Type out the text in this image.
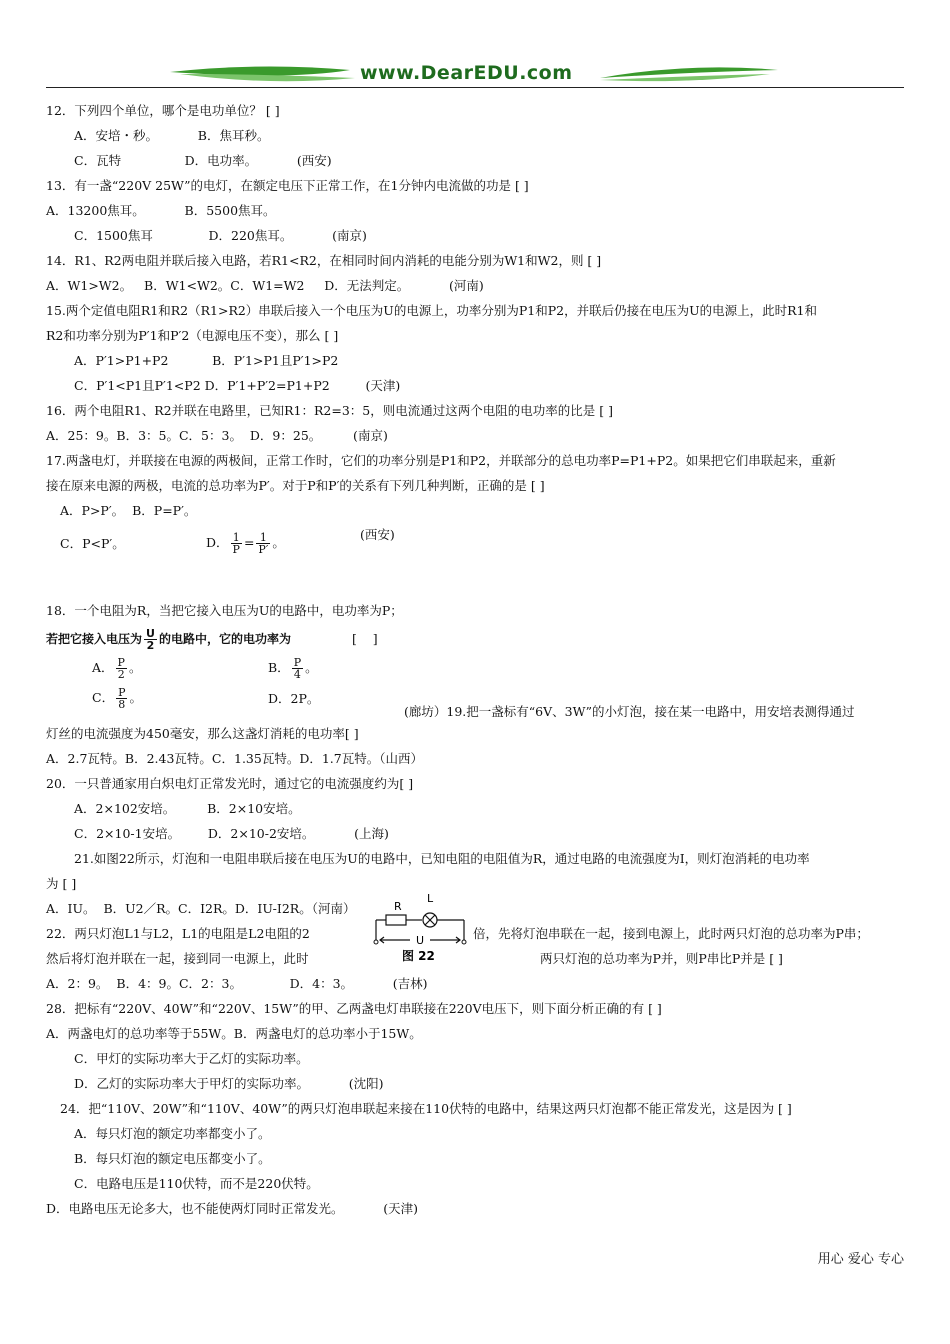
www.DearEDU.com
12．下列四个单位，哪个是电功单位？ [ ]
A．安培・秒。          B．焦耳秒。
C．瓦特                D．电功率。          (西安)
13．有一盏“220V 25W”的电灯，在额定电压下正常工作，在1分钟内电流做的功是 [ ]
A．13200焦耳。          B．5500焦耳。
C．1500焦耳              D．220焦耳。          (南京)
14．R1、R2两电阻并联后接入电路，若R1<R2，在相同时间内消耗的电能分别为W1和W2，则 [ ]
A．W1>W2。   B．W1<W2。C．W1=W2     D．无法判定。          (河南)
15.两个定值电阻R1和R2（R1>R2）串联后接入一个电压为U的电源上，功率分别为P1和P2，并联后仍接在电压为U的电源上，此时R1和
R2和功率分别为P′1和P′2（电源电压不变），那么 [ ]
A．P′1>P1+P2           B．P′1>P1且P′1>P2
C．P′1<P1且P′1<P2 D．P′1+P′2=P1+P2         (天津)
16．两个电阻R1、R2并联在电路里，已知R1：R2=3：5，则电流通过这两个电阻的电功率的比是 [ ]
A．25：9。B．3：5。C．5：3。  D．9：25。        (南京)
17.两盏电灯，并联接在电源的两极间，正常工作时，它们的功率分别是P1和P2，并联部分的总电功率P=P1+P2。如果把它们串联起来，重新
接在原来电源的两极，电流的总功率为P′。对于P和P′的关系有下列几种判断，正确的是 [ ]
A．P>P′。  B．P=P′。
C．P<P′。	D． $\frac{1}{P} = \frac{1}{P'}$ 。
(西安)
18．一个电阻为R，当把它接入电压为U的电路中，电功率为P；
若把它接入电压为 $\frac{U}{2}$ 的电路中，它的电功率为	[    ]
A． $\frac{P}{2}$ 。	B． $\frac{P}{4}$ 。
C． $\frac{P}{8}$ 。	D．2P。
(廊坊）19.把一盏标有“6V、3W”的小灯泡，接在某一电路中，用安培表测得通过
灯丝的电流强度为450毫安，那么这盏灯消耗的电功率[ ]
A．2.7瓦特。B．2.43瓦特。C．1.35瓦特。D．1.7瓦特。（山西）
20．一只普通家用白炽电灯正常发光时，通过它的电流强度约为[ ]
A．2×102安培。        B．2×10安培。
C．2×10-1安培。       D．2×10-2安培。          (上海)
21.如图22所示，灯泡和一电阻串联后接在电压为U的电路中，已知电阻的电阻值为R，通过电路的电流强度为I，则灯泡消耗的电功率
为 [ ]
A．IU。  B．U2／R。C．I2R。D．IU-I2R。（河南）	R
L
U
图 22
22．两只灯泡L1与L2，L1的电阻是L2电阻的2	倍，先将灯泡串联在一起，接到电源上，此时两只灯泡的总功率为P串；
然后将灯泡并联在一起，接到同一电源上，此时	两只灯泡的总功率为P并，则P串比P并是 [ ]
A．2：9。  B．4：9。C．2：3。            D．4：3。          (吉林)
28．把标有“220V、40W”和“220V、15W”的甲、乙两盏电灯串联接在220V电压下，则下面分析正确的有 [ ]
A．两盏电灯的总功率等于55W。B．两盏电灯的总功率小于15W。
C．甲灯的实际功率大于乙灯的实际功率。
D．乙灯的实际功率大于甲灯的实际功率。          (沈阳)
24．把“110V、20W”和“110V、40W”的两只灯泡串联起来接在110伏特的电路中，结果这两只灯泡都不能正常发光，这是因为 [ ]
A．每只灯泡的额定功率都变小了。
B．每只灯泡的额定电压都变小了。
C．电路电压是110伏特，而不是220伏特。
D．电路电压无论多大，也不能使两灯同时正常发光。          (天津)
用心 爱心 专心
